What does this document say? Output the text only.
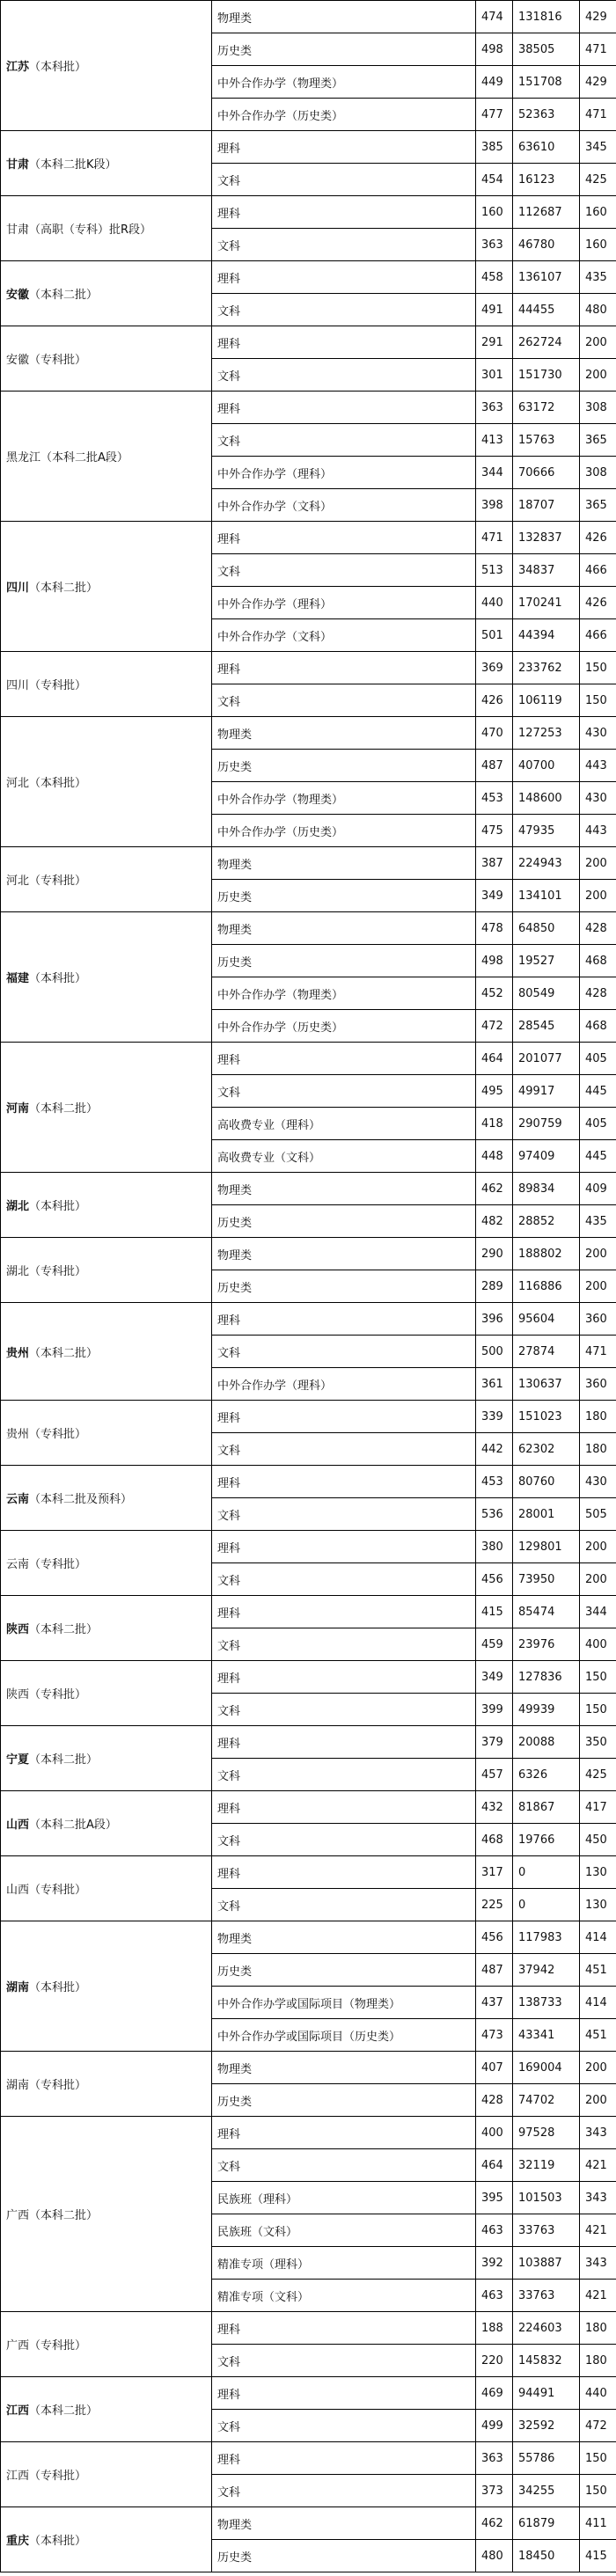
江苏（本科批）	物理类	474	131816	429
	历史类	498	38505	471
	中外合作办学（物理类）	449	151708	429
	中外合作办学（历史类）	477	52363	471
甘肃（本科二批K段）	理科	385	63610	345
	文科	454	16123	425
甘肃（高职（专科）批R段）	理科	160	112687	160
	文科	363	46780	160
安徽（本科二批）	理科	458	136107	435
	文科	491	44455	480
安徽（专科批）	理科	291	262724	200
	文科	301	151730	200
黑龙江（本科二批A段）	理科	363	63172	308
	文科	413	15763	365
	中外合作办学（理科）	344	70666	308
	中外合作办学（文科）	398	18707	365
四川（本科二批）	理科	471	132837	426
	文科	513	34837	466
	中外合作办学（理科）	440	170241	426
	中外合作办学（文科）	501	44394	466
四川（专科批）	理科	369	233762	150
	文科	426	106119	150
河北（本科批）	物理类	470	127253	430
	历史类	487	40700	443
	中外合作办学（物理类）	453	148600	430
	中外合作办学（历史类）	475	47935	443
河北（专科批）	物理类	387	224943	200
	历史类	349	134101	200
福建（本科批）	物理类	478	64850	428
	历史类	498	19527	468
	中外合作办学（物理类）	452	80549	428
	中外合作办学（历史类）	472	28545	468
河南（本科二批）	理科	464	201077	405
	文科	495	49917	445
	高收费专业（理科）	418	290759	405
	高收费专业（文科）	448	97409	445
湖北（本科批）	物理类	462	89834	409
	历史类	482	28852	435
湖北（专科批）	物理类	290	188802	200
	历史类	289	116886	200
贵州（本科二批）	理科	396	95604	360
	文科	500	27874	471
	中外合作办学（理科）	361	130637	360
贵州（专科批）	理科	339	151023	180
	文科	442	62302	180
云南（本科二批及预科）	理科	453	80760	430
	文科	536	28001	505
云南（专科批）	理科	380	129801	200
	文科	456	73950	200
陕西（本科二批）	理科	415	85474	344
	文科	459	23976	400
陕西（专科批）	理科	349	127836	150
	文科	399	49939	150
宁夏（本科二批）	理科	379	20088	350
	文科	457	6326	425
山西（本科二批A段）	理科	432	81867	417
	文科	468	19766	450
山西（专科批）	理科	317	0	130
	文科	225	0	130
湖南（本科批）	物理类	456	117983	414
	历史类	487	37942	451
	中外合作办学或国际项目（物理类）	437	138733	414
	中外合作办学或国际项目（历史类）	473	43341	451
湖南（专科批）	物理类	407	169004	200
	历史类	428	74702	200
广西（本科二批）	理科	400	97528	343
	文科	464	32119	421
	民族班（理科）	395	101503	343
	民族班（文科）	463	33763	421
	精准专项（理科）	392	103887	343
	精准专项（文科）	463	33763	421
广西（专科批）	理科	188	224603	180
	文科	220	145832	180
江西（本科二批）	理科	469	94491	440
	文科	499	32592	472
江西（专科批）	理科	363	55786	150
	文科	373	34255	150
重庆（本科批）	物理类	462	61879	411
	历史类	480	18450	415
